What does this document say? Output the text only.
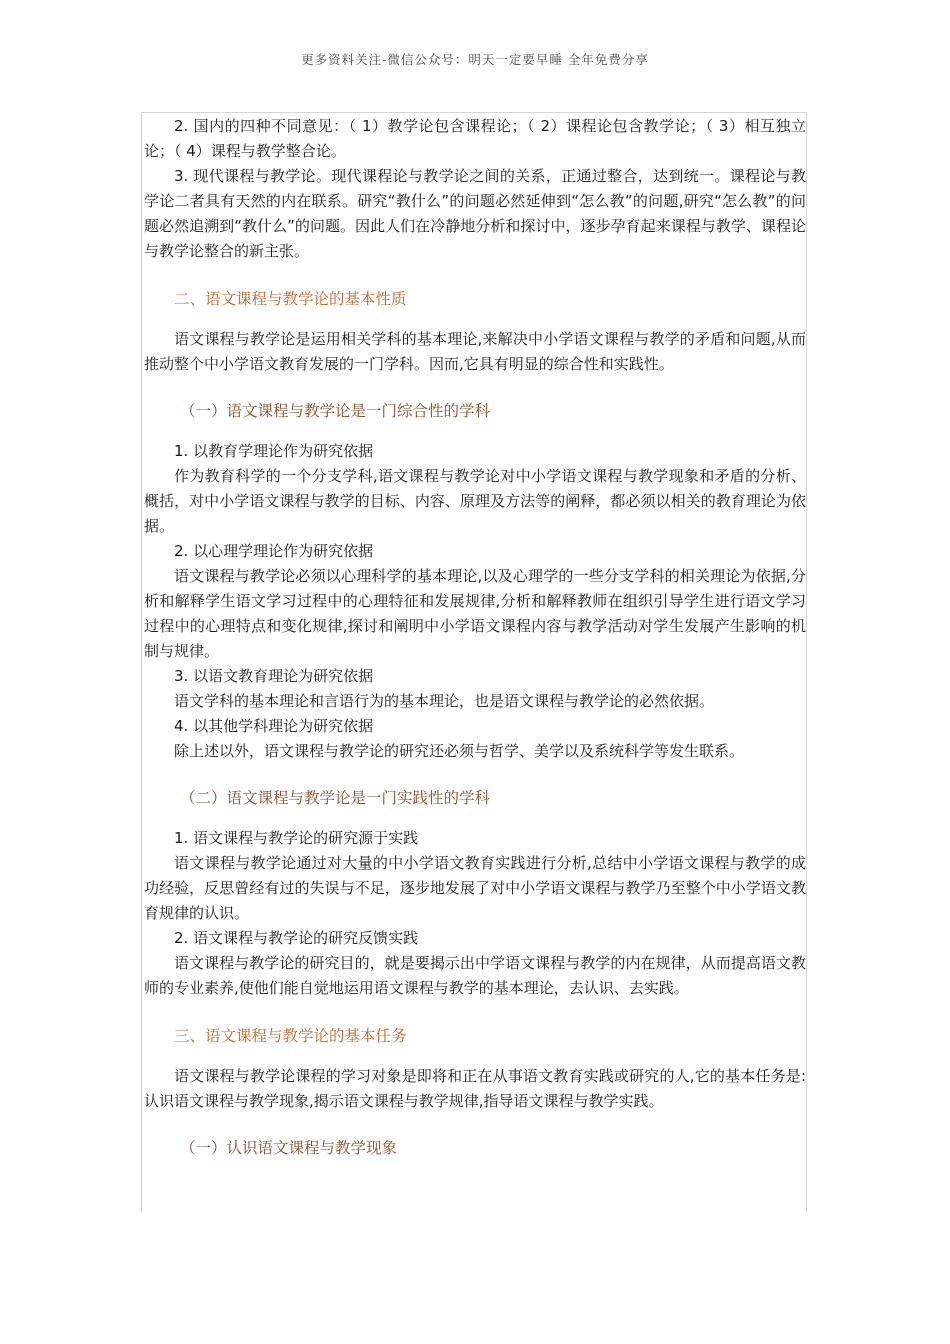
更多资料关注-微信公众号：明天一定要早睡 全年免费分享

2. 国内的四种不同意见：（ 1）教学论包含课程论；（ 2）课程论包含教学论；（ 3）相互独立论；（ 4）课程与教学整合论。

3. 现代课程与教学论。现代课程论与教学论之间的关系，正通过整合，达到统一。课程论与教学论二者具有天然的内在联系。研究“教什么”的问题必然延伸到“怎么教”的问题,研究“怎么教”的问题必然追溯到“教什么”的问题。因此人们在冷静地分析和探讨中，逐步孕育起来课程与教学、课程论与教学论整合的新主张。

二、语文课程与教学论的基本性质

语文课程与教学论是运用相关学科的基本理论,来解决中小学语文课程与教学的矛盾和问题,从而推动整个中小学语文教育发展的一门学科。因而,它具有明显的综合性和实践性。

（一）语文课程与教学论是一门综合性的学科

1. 以教育学理论作为研究依据

作为教育科学的一个分支学科,语文课程与教学论对中小学语文课程与教学现象和矛盾的分析、概括，对中小学语文课程与教学的目标、内容、原理及方法等的阐释，都必须以相关的教育理论为依据。

2. 以心理学理论作为研究依据

语文课程与教学论必须以心理科学的基本理论,以及心理学的一些分支学科的相关理论为依据,分析和解释学生语文学习过程中的心理特征和发展规律,分析和解释教师在组织引导学生进行语文学习过程中的心理特点和变化规律,探讨和阐明中小学语文课程内容与教学活动对学生发展产生影响的机制与规律。

3. 以语文教育理论为研究依据

语文学科的基本理论和言语行为的基本理论，也是语文课程与教学论的必然依据。

4. 以其他学科理论为研究依据

除上述以外，语文课程与教学论的研究还必须与哲学、美学以及系统科学等发生联系。

（二）语文课程与教学论是一门实践性的学科

1. 语文课程与教学论的研究源于实践

语文课程与教学论通过对大量的中小学语文教育实践进行分析,总结中小学语文课程与教学的成功经验，反思曾经有过的失误与不足，逐步地发展了对中小学语文课程与教学乃至整个中小学语文教育规律的认识。

2. 语文课程与教学论的研究反馈实践

语文课程与教学论的研究目的，就是要揭示出中学语文课程与教学的内在规律，从而提高语文教师的专业素养,使他们能自觉地运用语文课程与教学的基本理论，去认识、去实践。

三、语文课程与教学论的基本任务

语文课程与教学论课程的学习对象是即将和正在从事语文教育实践或研究的人,它的基本任务是:认识语文课程与教学现象,揭示语文课程与教学规律,指导语文课程与教学实践。

（一）认识语文课程与教学现象
